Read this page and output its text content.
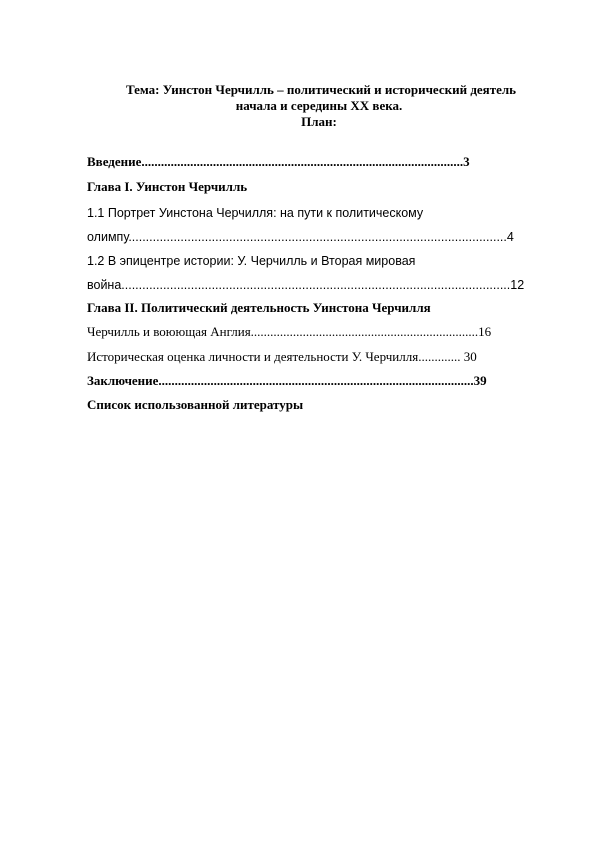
Тема: Уинстон Черчилль – политический и исторический деятель
начала и середины XX века.
План:
Введение...................................................................................................3
Глава I. Уинстон Черчилль
1.1 Портрет Уинстона Черчилля: на пути к политическому
олимпу.............................................................................................................4
1.2 В эпицентре истории: У. Черчилль и Вторая мировая
война................................................................................................................12
Глава II. Политический деятельность Уинстона Черчилля
Черчилль и воюющая Англия......................................................................16
Историческая оценка личности и деятельности У. Черчилля............. 30
Заключение.................................................................................................39
Список использованной литературы
